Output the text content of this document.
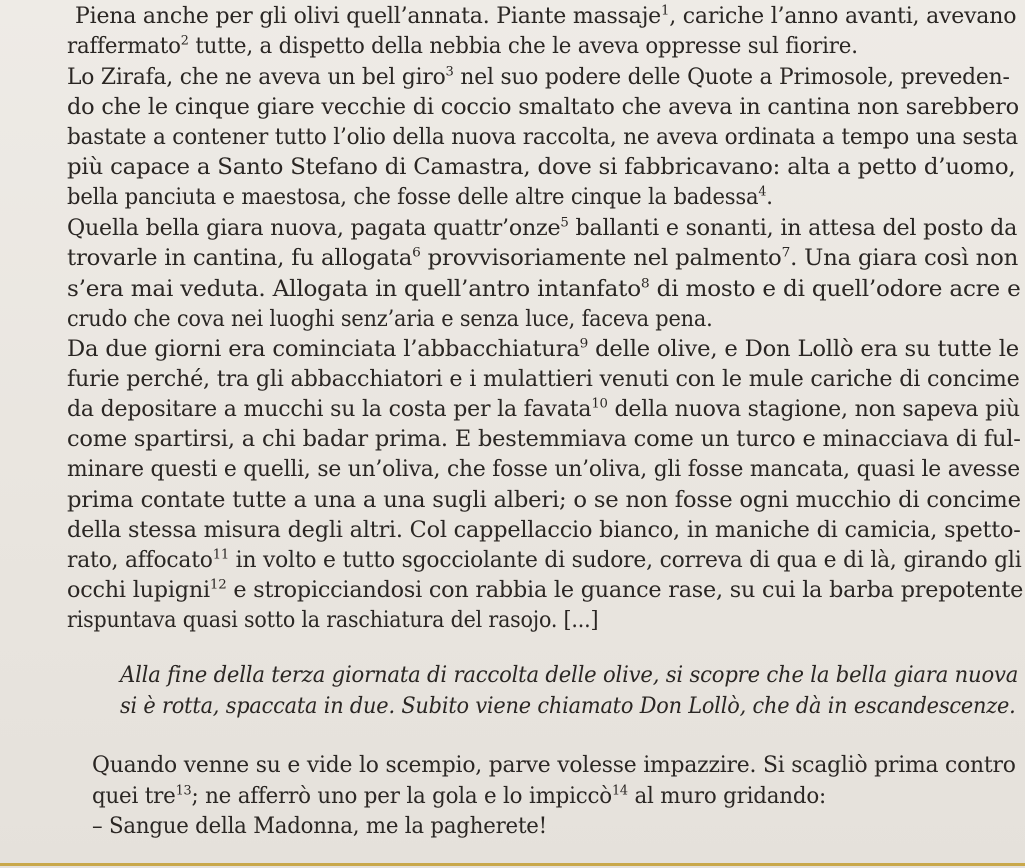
Piena anche per gli olivi quell’annata. Piante massaje$^1$, cariche l’anno avanti, avevano
raffermato$^2$ tutte, a dispetto della nebbia che le aveva oppresse sul fiorire.
Lo Zirafa, che ne aveva un bel giro$^3$ nel suo podere delle Quote a Primosole, preveden-
do che le cinque giare vecchie di coccio smaltato che aveva in cantina non sarebbero
bastate a contener tutto l’olio della nuova raccolta, ne aveva ordinata a tempo una sesta
più capace a Santo Stefano di Camastra, dove si fabbricavano: alta a petto d’uomo,
bella panciuta e maestosa, che fosse delle altre cinque la badessa$^4$.
Quella bella giara nuova, pagata quattr’onze$^5$ ballanti e sonanti, in attesa del posto da
trovarle in cantina, fu allogata$^6$ provvisoriamente nel palmento$^7$. Una giara così non
s’era mai veduta. Allogata in quell’antro intanfato$^8$ di mosto e di quell’odore acre e
crudo che cova nei luoghi senz’aria e senza luce, faceva pena.
Da due giorni era cominciata l’abbacchiatura$^9$ delle olive, e Don Lollò era su tutte le
furie perché, tra gli abbacchiatori e i mulattieri venuti con le mule cariche di concime
da depositare a mucchi su la costa per la favata$^{10}$ della nuova stagione, non sapeva più
come spartirsi, a chi badar prima. E bestemmiava come un turco e minacciava di ful-
minare questi e quelli, se un’oliva, che fosse un’oliva, gli fosse mancata, quasi le avesse
prima contate tutte a una a una sugli alberi; o se non fosse ogni mucchio di concime
della stessa misura degli altri. Col cappellaccio bianco, in maniche di camicia, spetto-
rato, affocato$^{11}$ in volto e tutto sgocciolante di sudore, correva di qua e di là, girando gli
occhi lupigni$^{12}$ e stropicciandosi con rabbia le guance rase, su cui la barba prepotente
rispuntava quasi sotto la raschiatura del rasojo. [...]
Alla fine della terza giornata di raccolta delle olive, si scopre che la bella giara nuova
si è rotta, spaccata in due. Subito viene chiamato Don Lollò, che dà in escandescenze.
Quando venne su e vide lo scempio, parve volesse impazzire. Si scagliò prima contro
quei tre$^{13}$; ne afferrò uno per la gola e lo impiccò$^{14}$ al muro gridando:
– Sangue della Madonna, me la pagherete!
